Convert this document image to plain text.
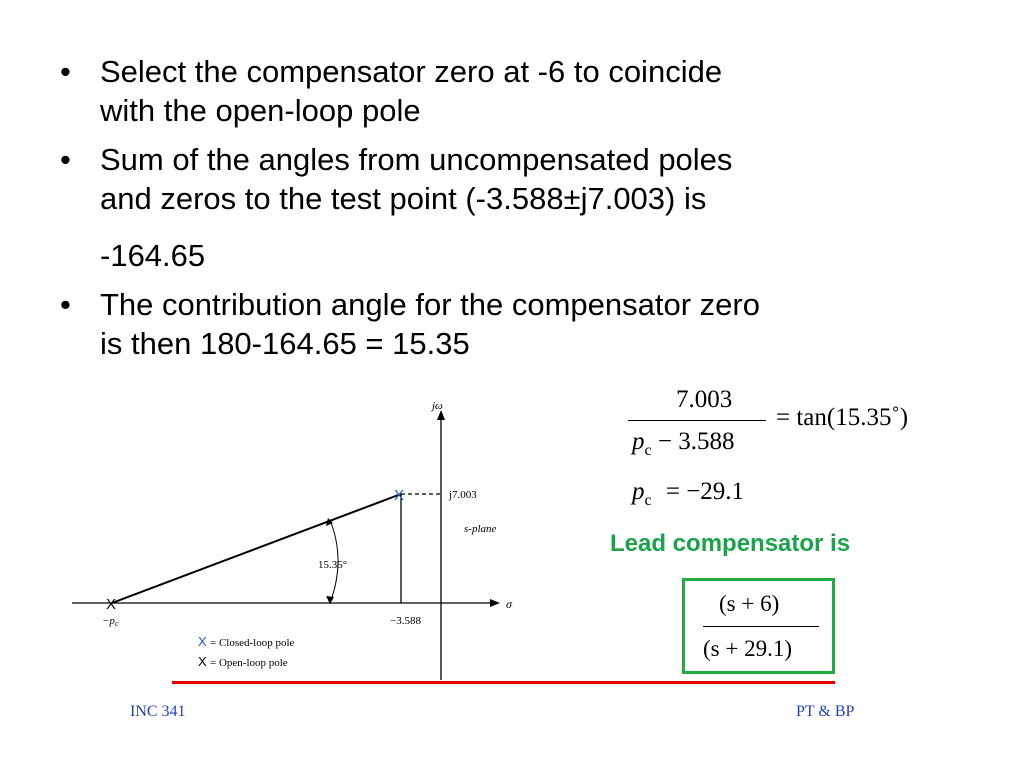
• Select the compensator zero at -6 to coincide
with the open-loop pole
• Sum of the angles from uncompensated poles
and zeros to the test point (-3.588±j7.003) is
-164.65
• The contribution angle for the compensator zero
is then 180-164.65 = 15.35
7.003
$p_c - 3.588$
= tan(15.35˚)
$p_c = -29.1$
Lead compensator is
(s + 6)
(s + 29.1)
X
X
jω
σ
j7.003
s-plane
15.35°
−3.588
−pc
X = Closed-loop pole
X = Open-loop pole
INC 341	PT & BP
